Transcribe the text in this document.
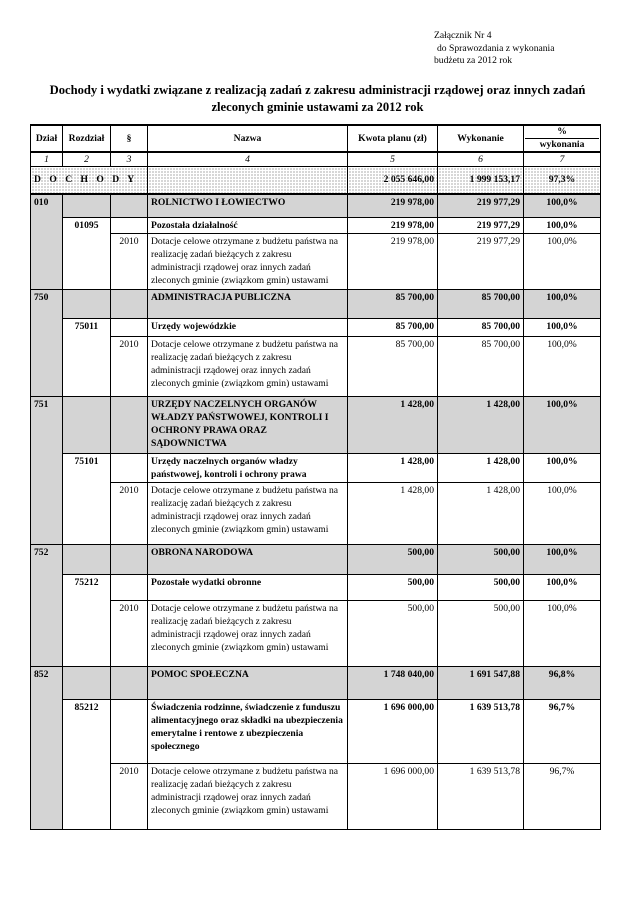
Załącznik Nr 4
do Sprawozdania z wykonania
budżetu za 2012 rok
Dochody i wydatki związane z realizacją zadań z zakresu administracji rządowej oraz innych zadań
zleconych gminie ustawami za 2012 rok
Dział	Rozdział	§	Nazwa	Kwota planu (zł)	Wykonanie	%
wykonania

1	2	3	4	5	6	7
D O C H O D Y				2 055 646,00	1 999 153,17	97,3%
010			ROLNICTWO I ŁOWIECTWO	219 978,00	219 977,29	100,0%
	01095		Pozostała działalność	219 978,00	219 977,29	100,0%
		2010	Dotacje celowe otrzymane z budżetu państwa na realizację zadań bieżących z zakresu administracji rządowej oraz innych zadań zleconych gminie (związkom gmin) ustawami	219 978,00	219 977,29	100,0%
750			ADMINISTRACJA PUBLICZNA	85 700,00	85 700,00	100,0%
	75011		Urzędy wojewódzkie	85 700,00	85 700,00	100,0%
		2010	Dotacje celowe otrzymane z budżetu państwa na realizację zadań bieżących z zakresu administracji rządowej oraz innych zadań zleconych gminie (związkom gmin) ustawami	85 700,00	85 700,00	100,0%
751			URZĘDY NACZELNYCH ORGANÓW WŁADZY PAŃSTWOWEJ, KONTROLI I OCHRONY PRAWA ORAZ SĄDOWNICTWA	1 428,00	1 428,00	100,0%
	75101		Urzędy naczelnych organów władzy państwowej, kontroli i ochrony prawa	1 428,00	1 428,00	100,0%
		2010	Dotacje celowe otrzymane z budżetu państwa na realizację zadań bieżących z zakresu administracji rządowej oraz innych zadań zleconych gminie (związkom gmin) ustawami	1 428,00	1 428,00	100,0%
752			OBRONA NARODOWA	500,00	500,00	100,0%
	75212		Pozostałe wydatki obronne	500,00	500,00	100,0%
		2010	Dotacje celowe otrzymane z budżetu państwa na realizację zadań bieżących z zakresu administracji rządowej oraz innych zadań zleconych gminie (związkom gmin) ustawami	500,00	500,00	100,0%
852			POMOC SPOŁECZNA	1 748 040,00	1 691 547,88	96,8%
	85212		Świadczenia rodzinne, świadczenie z funduszu alimentacyjnego oraz składki na ubezpieczenia emerytalne i rentowe z ubezpieczenia społecznego	1 696 000,00	1 639 513,78	96,7%
		2010	Dotacje celowe otrzymane z budżetu państwa na realizację zadań bieżących z zakresu administracji rządowej oraz innych zadań zleconych gminie (związkom gmin) ustawami	1 696 000,00	1 639 513,78	96,7%
